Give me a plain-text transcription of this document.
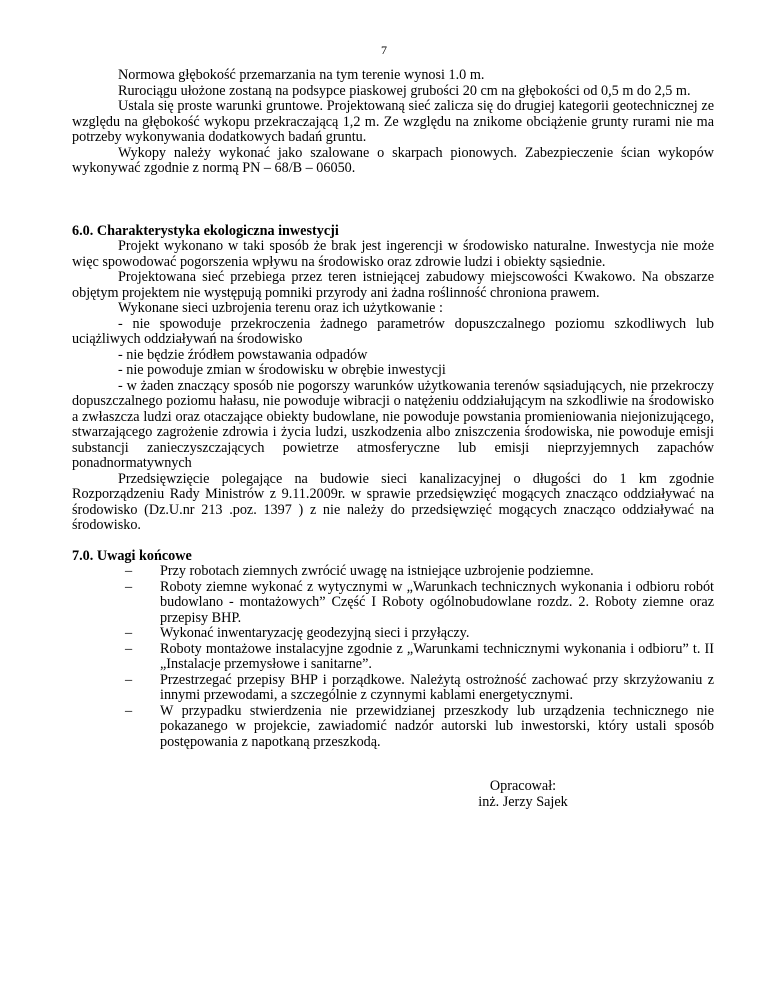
7

Normowa głębokość przemarzania na tym terenie wynosi 1.0 m.

Rurociągu ułożone zostaną na podsypce piaskowej grubości 20 cm na głębokości od 0,5 m do 2,5 m.

Ustala się proste warunki gruntowe. Projektowaną sieć zalicza się do drugiej kategorii geotechnicznej ze względu na głębokość wykopu przekraczającą 1,2 m. Ze względu na znikome obciążenie grunty rurami nie ma potrzeby wykonywania dodatkowych badań gruntu.

Wykopy należy wykonać jako szalowane o skarpach pionowych. Zabezpieczenie ścian wykopów wykonywać zgodnie z normą PN – 68/B – 06050.

6.0. Charakterystyka ekologiczna inwestycji

Projekt wykonano w taki sposób że brak jest ingerencji w środowisko naturalne. Inwestycja nie może więc spowodować pogorszenia wpływu na środowisko oraz zdrowie ludzi i obiekty sąsiednie.

Projektowana sieć przebiega przez teren istniejącej zabudowy miejscowości Kwakowo. Na obszarze objętym projektem nie występują pomniki przyrody ani żadna roślinność chroniona prawem.

Wykonane sieci uzbrojenia terenu oraz ich użytkowanie :

- nie spowoduje przekroczenia żadnego parametrów dopuszczalnego poziomu szkodliwych lub uciążliwych oddziaływań na środowisko

- nie będzie źródłem powstawania odpadów

- nie powoduje zmian w środowisku w obrębie inwestycji

- w żaden znaczący sposób nie pogorszy warunków użytkowania terenów sąsiadujących, nie przekroczy dopuszczalnego poziomu hałasu, nie powoduje wibracji o natężeniu oddziałującym na szkodliwie na środowisko a zwłaszcza ludzi oraz otaczające obiekty budowlane, nie powoduje powstania promieniowania niejonizującego, stwarzającego zagrożenie zdrowia i życia ludzi, uszkodzenia albo zniszczenia środowiska, nie powoduje emisji substancji zanieczyszczających powietrze atmosferyczne lub emisji nieprzyjemnych zapachów ponadnormatywnych

Przedsięwzięcie polegające na budowie sieci kanalizacyjnej o długości do 1 km zgodnie Rozporządzeniu Rady Ministrów z 9.11.2009r. w sprawie przedsięwzięć mogących znacząco oddziaływać na środowisko (Dz.U.nr 213 .poz. 1397 ) z nie należy do przedsięwzięć mogących znacząco oddziaływać na środowisko.

7.0. Uwagi końcowe

– Przy robotach ziemnych zwrócić uwagę na istniejące uzbrojenie podziemne.
– Roboty ziemne wykonać z wytycznymi w „Warunkach technicznych wykonania i odbioru robót budowlano - montażowych” Część I Roboty ogólnobudowlane rozdz. 2. Roboty ziemne oraz przepisy BHP.
– Wykonać inwentaryzację geodezyjną sieci i przyłączy.
– Roboty montażowe instalacyjne zgodnie z „Warunkami technicznymi wykonania i odbioru” t. II „Instalacje przemysłowe i sanitarne”.
– Przestrzegać przepisy BHP i porządkowe. Należytą ostrożność zachować przy skrzyżowaniu z innymi przewodami, a szczególnie z czynnymi kablami energetycznymi.
– W przypadku stwierdzenia nie przewidzianej przeszkody lub urządzenia technicznego nie pokazanego w projekcie, zawiadomić nadzór autorski lub inwestorski, który ustali sposób postępowania z napotkaną przeszkodą.
Opracował:
inż. Jerzy Sajek
